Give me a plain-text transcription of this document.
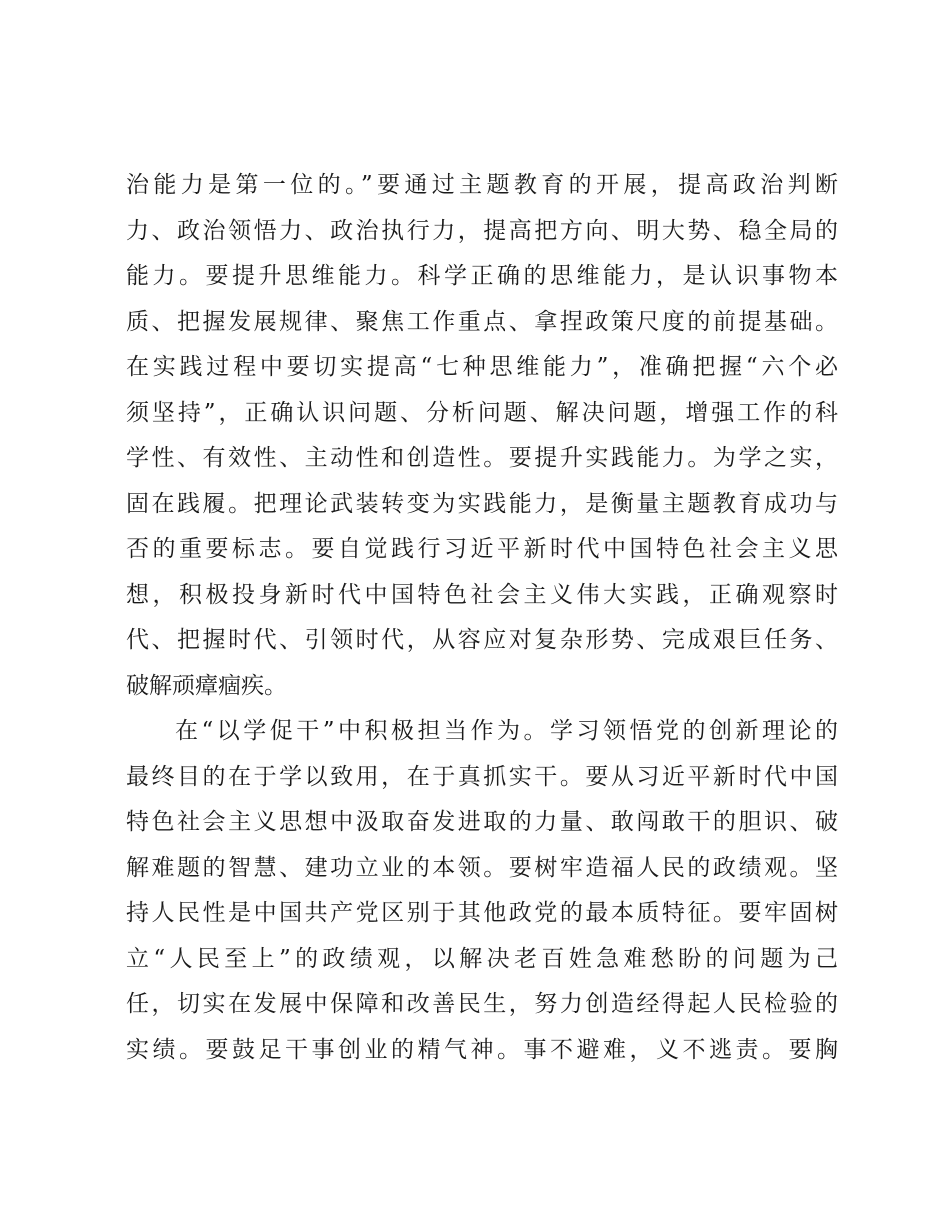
治能力是第一位的。”要通过主题教育的开展，提高政治判断
力、政治领悟力、政治执行力，提高把方向、明大势、稳全局的
能力。要提升思维能力。科学正确的思维能力，是认识事物本
质、把握发展规律、聚焦工作重点、拿捏政策尺度的前提基础。
在实践过程中要切实提高“七种思维能力”，准确把握“六个必
须坚持”，正确认识问题、分析问题、解决问题，增强工作的科
学性、有效性、主动性和创造性。要提升实践能力。为学之实，
固在践履。把理论武装转变为实践能力，是衡量主题教育成功与
否的重要标志。要自觉践行习近平新时代中国特色社会主义思
想，积极投身新时代中国特色社会主义伟大实践，正确观察时
代、把握时代、引领时代，从容应对复杂形势、完成艰巨任务、
破解顽瘴痼疾。
在“以学促干”中积极担当作为。学习领悟党的创新理论的
最终目的在于学以致用，在于真抓实干。要从习近平新时代中国
特色社会主义思想中汲取奋发进取的力量、敢闯敢干的胆识、破
解难题的智慧、建功立业的本领。要树牢造福人民的政绩观。坚
持人民性是中国共产党区别于其他政党的最本质特征。要牢固树
立“人民至上”的政绩观，以解决老百姓急难愁盼的问题为己
任，切实在发展中保障和改善民生，努力创造经得起人民检验的
实绩。要鼓足干事创业的精气神。事不避难，义不逃责。要胸
